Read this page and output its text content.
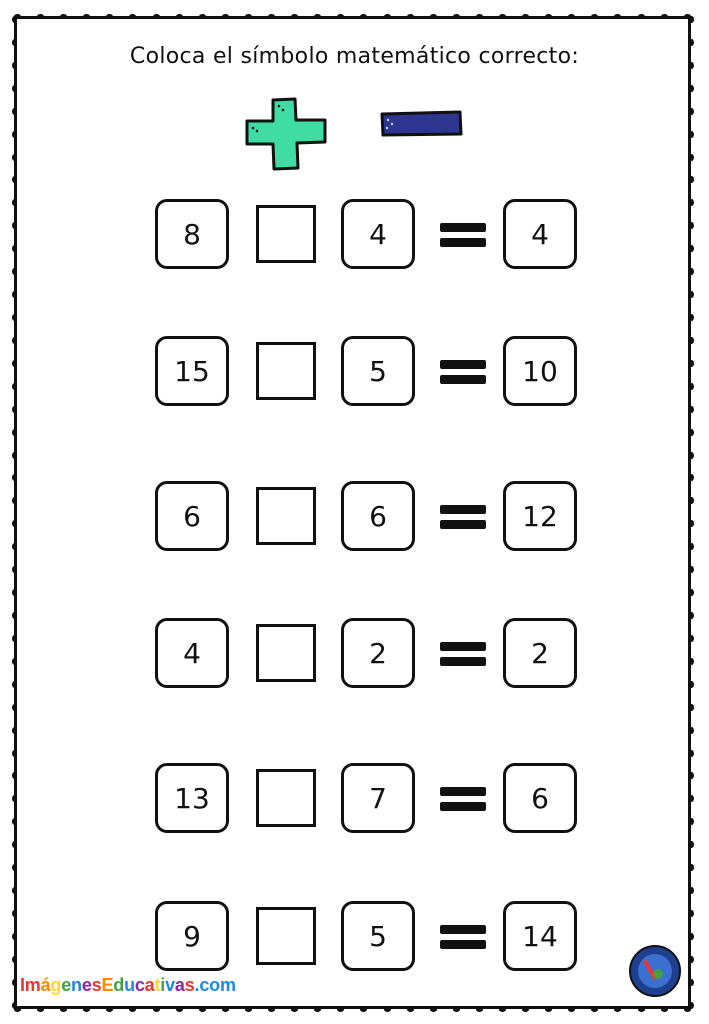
Coloca el símbolo matemático correcto:
8	4	4
15	5	10
6	6	12
4	2	2
13	7	6
9	5	14
ImágenesEducativas.com
